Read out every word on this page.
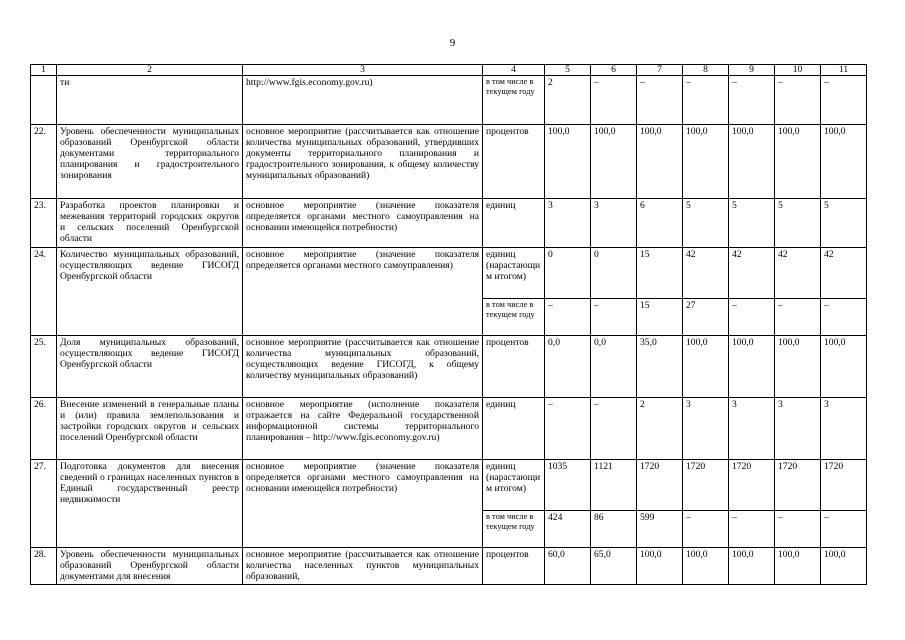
9
1	2	3	4	5	6	7	8	9	10	11
	ти	http://www.fgis.economy.gov.ru)	в том числе в текущем году	2	–	–	–	–	–	–
22.	Уровень обеспеченности муниципальных образований Оренбургской области документами территориального планирования и градостроительного зонирования	основное мероприятие (рассчитывается как отношение количества муниципальных образований, утвердивших документы территориального планирования и градостроительного зонирования, к общему количеству муниципальных образований)	процентов	100,0	100,0	100,0	100,0	100,0	100,0	100,0
23.	Разработка проектов планировки и межевания территорий городских округов и сельских поселений Оренбургской области	основное мероприятие (значение показателя определяется органами местного самоуправления на основании имеющейся потребности)	единиц	3	3	6	5	5	5	5
24.	Количество муниципальных образований, осуществляющих ведение ГИСОГД Оренбургской области	основное мероприятие (значение показателя определяется органами местного самоуправления)	единиц (нарастающим итогом)	0	0	15	42	42	42	42
			в том числе в текущем году	–	–	15	27	–	–	–
25.	Доля муниципальных образований, осуществляющих ведение ГИСОГД Оренбургской области	основное мероприятие (рассчитывается как отношение количества муниципальных образований, осуществляющих ведение ГИСОГД, к общему количеству муниципальных образований)	процентов	0,0	0,0	35,0	100,0	100,0	100,0	100,0
26.	Внесение изменений в генеральные планы и (или) правила землепользования и застройки городских округов и сельских поселений Оренбургской области	основное мероприятие (исполнение показателя отражается на сайте Федеральной государственной информационной системы территориального планирования – http://www.fgis.economy.gov.ru)	единиц	–	–	2	3	3	3	3
27.	Подготовка документов для внесения сведений о границах населенных пунктов в Единый государственный реестр недвижимости	основное мероприятие (значение показателя определяется органами местного самоуправления на основании имеющейся потребности)	единиц (нарастающим итогом)	1035	1121	1720	1720	1720	1720	1720
			в том числе в текущем году	424	86	599	–	–	–	–
28.	Уровень обеспеченности муниципальных образований Оренбургской области документами для внесения	основное мероприятие (рассчитывается как отношение количества населенных пунктов муниципальных образований,	процентов	60,0	65,0	100,0	100,0	100,0	100,0	100,0
